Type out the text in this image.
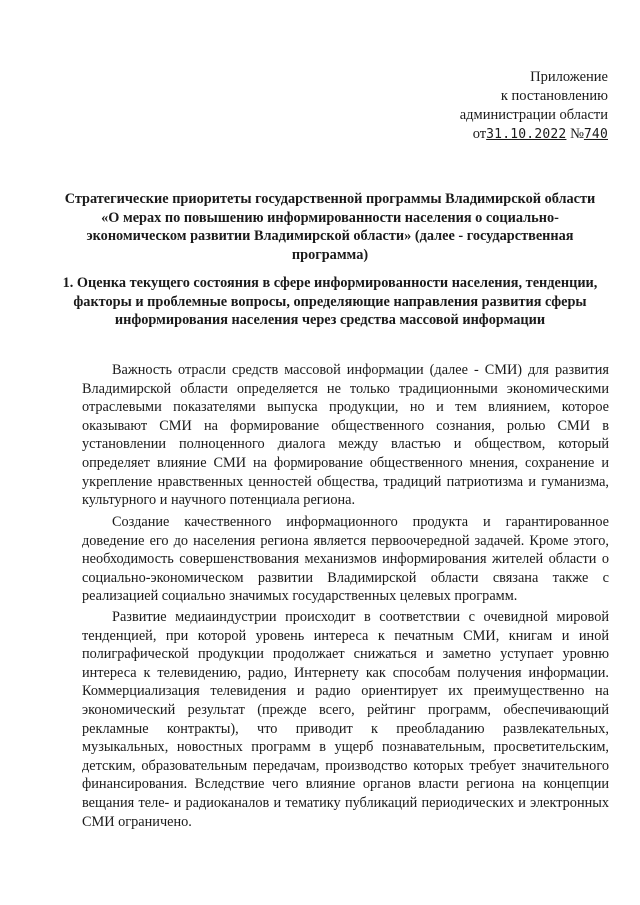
Приложение
к постановлению
администрации области
от31.10.2022 №740
Стратегические приоритеты государственной программы Владимирской области «О мерах по повышению информированности населения о социально-экономическом развитии Владимирской области» (далее - государственная программа)
1. Оценка текущего состояния в сфере информированности населения, тенденции, факторы и проблемные вопросы, определяющие направления развития сферы информирования населения через средства массовой информации

Важность отрасли средств массовой информации (далее - СМИ) для развития Владимирской области определяется не только традиционными экономическими отраслевыми показателями выпуска продукции, но и тем влиянием, которое оказывают СМИ на формирование общественного сознания, ролью СМИ в установлении полноценного диалога между властью и обществом, который определяет влияние СМИ на формирование общественного мнения, сохранение и укрепление нравственных ценностей общества, традиций патриотизма и гуманизма, культурного и научного потенциала региона.

Создание качественного информационного продукта и гарантированное доведение его до населения региона является первоочередной задачей. Кроме этого, необходимость совершенствования механизмов информирования жителей области о социально-экономическом развитии Владимирской области связана также с реализацией социально значимых государственных целевых программ.

Развитие медиаиндустрии происходит в соответствии с очевидной мировой тенденцией, при которой уровень интереса к печатным СМИ, книгам и иной полиграфической продукции продолжает снижаться и заметно уступает уровню интереса к телевидению, радио, Интернету как способам получения информации. Коммерциализация телевидения и радио ориентирует их преимущественно на экономический результат (прежде всего, рейтинг программ, обеспечивающий рекламные контракты), что приводит к преобладанию развлекательных, музыкальных, новостных программ в ущерб познавательным, просветительским, детским, образовательным передачам, производство которых требует значительного финансирования. Вследствие чего влияние органов власти региона на концепции вещания теле- и радиоканалов и тематику публикаций периодических и электронных СМИ ограничено.
